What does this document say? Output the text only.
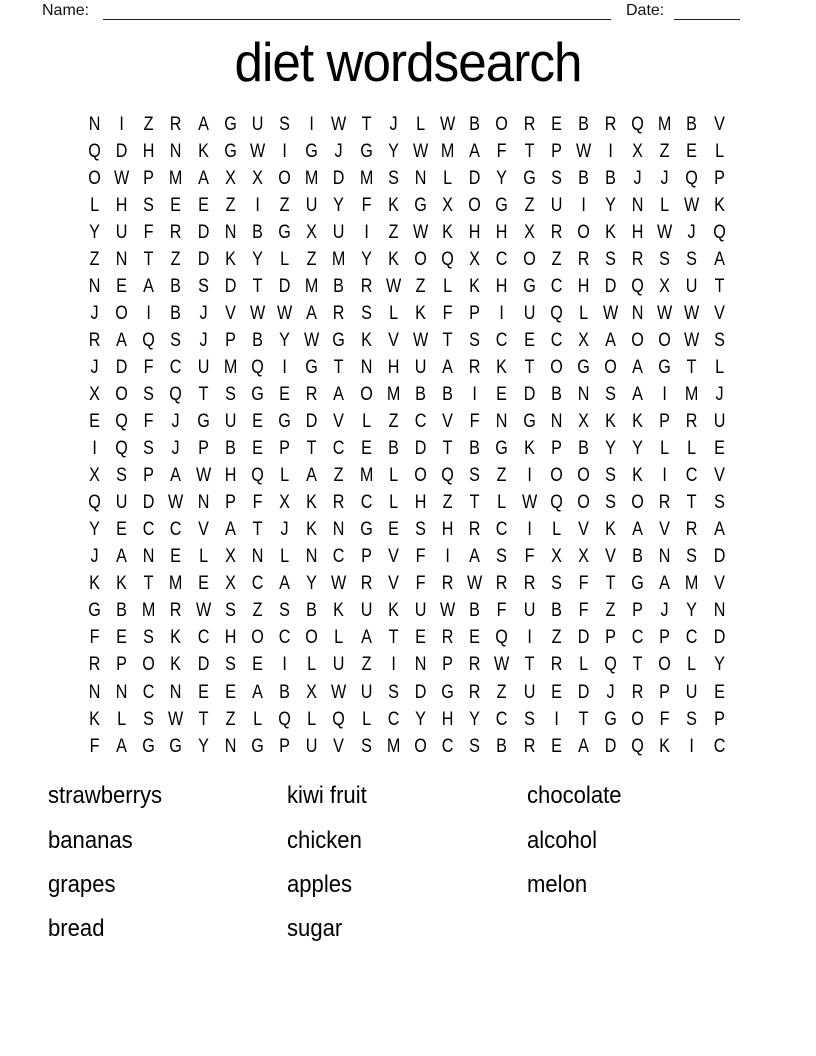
Name:	Date:
diet wordsearch
N	I	Z R A G U S	I W T J L W B O R E B R Q M B V
Q D H N K G W I G J G Y W M A F T P W I	X Z E L
O W P M A X X O M D M S N L D Y G S B B J	J Q P
L H S E E Z	I	Z U Y F K G X O G Z U	I	Y N L W K
Y U F R D N B G X U	I	Z W K H H X R O K H W J Q
Z N T Z D K Y L Z M Y K O Q X C O Z R S R S S A
N E A B S D T D M B R W Z L K H G C H D Q X U T
J O I	B J V W W A R S L K F P	I	U Q L W N W W V
R A Q S J P B Y W G K V W T S C E C X A O O W S
J D F C U M Q I G T N H U A R K T O G O A G T L
X O S Q T S G E R A O M B B	I	E D B N S A	I M J
E Q F J G U E G D V L Z C V F N G N X K K P R U
I Q S J P B E P T C E B D T B G K P B Y Y L L E
X S P A W H Q L A Z M L O Q S Z	I O O S K	I	C V
Q U D W N P F X K R C L H Z T L W Q O S O R T S
Y E C C V A T J K N G E S H R C	I	L V K A V R A
J A N E L X N L N C P V F	I	A S F X X V B N S D
K K T M E X C A Y W R V F R W R R S F T G A M V
G B M R W S Z S B K U K U W B F U B F Z P J Y N
F E S K C H O C O L A T E R E Q I	Z D P C P C D
R P O K D S E	I	L U Z	I	N P R W T R L Q T O L Y
N N C N E E A B X W U S D G R Z U E D J R P U E
K L S W T Z L Q L Q L C Y H Y C S	I	T G O F S P
F A G G Y N G P U V S M O C S B R E A D Q K	I	C
strawberrys
bananas
grapes
bread
kiwi fruit
chicken
apples
sugar
chocolate
alcohol
melon
